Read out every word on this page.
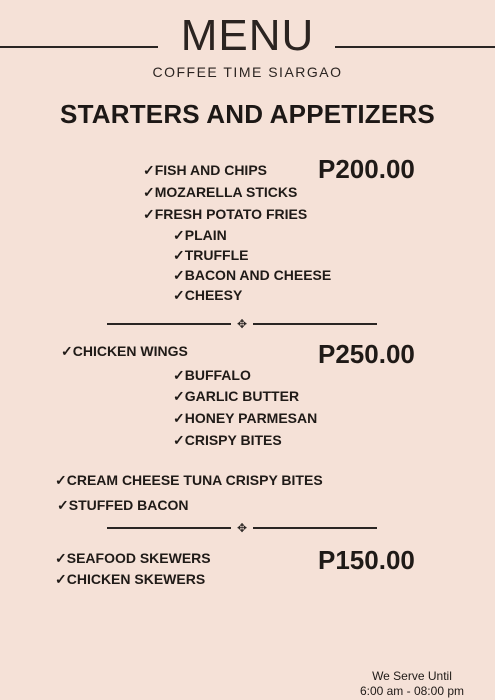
MENU
COFFEE TIME SIARGAO
STARTERS AND APPETIZERS
✓FISH AND CHIPS
✓MOZARELLA STICKS
✓FRESH POTATO FRIES
✓PLAIN
✓TRUFFLE
✓BACON AND CHEESE
✓CHEESY
P200.00
✥
✓CHICKEN WINGS	P250.00
✓BUFFALO
✓GARLIC BUTTER
✓HONEY PARMESAN
✓CRISPY BITES
✓CREAM CHEESE TUNA CRISPY BITES
✓STUFFED BACON
✥
✓SEAFOOD SKEWERS
✓CHICKEN SKEWERS
P150.00
We Serve Until
6:00 am - 08:00 pm
